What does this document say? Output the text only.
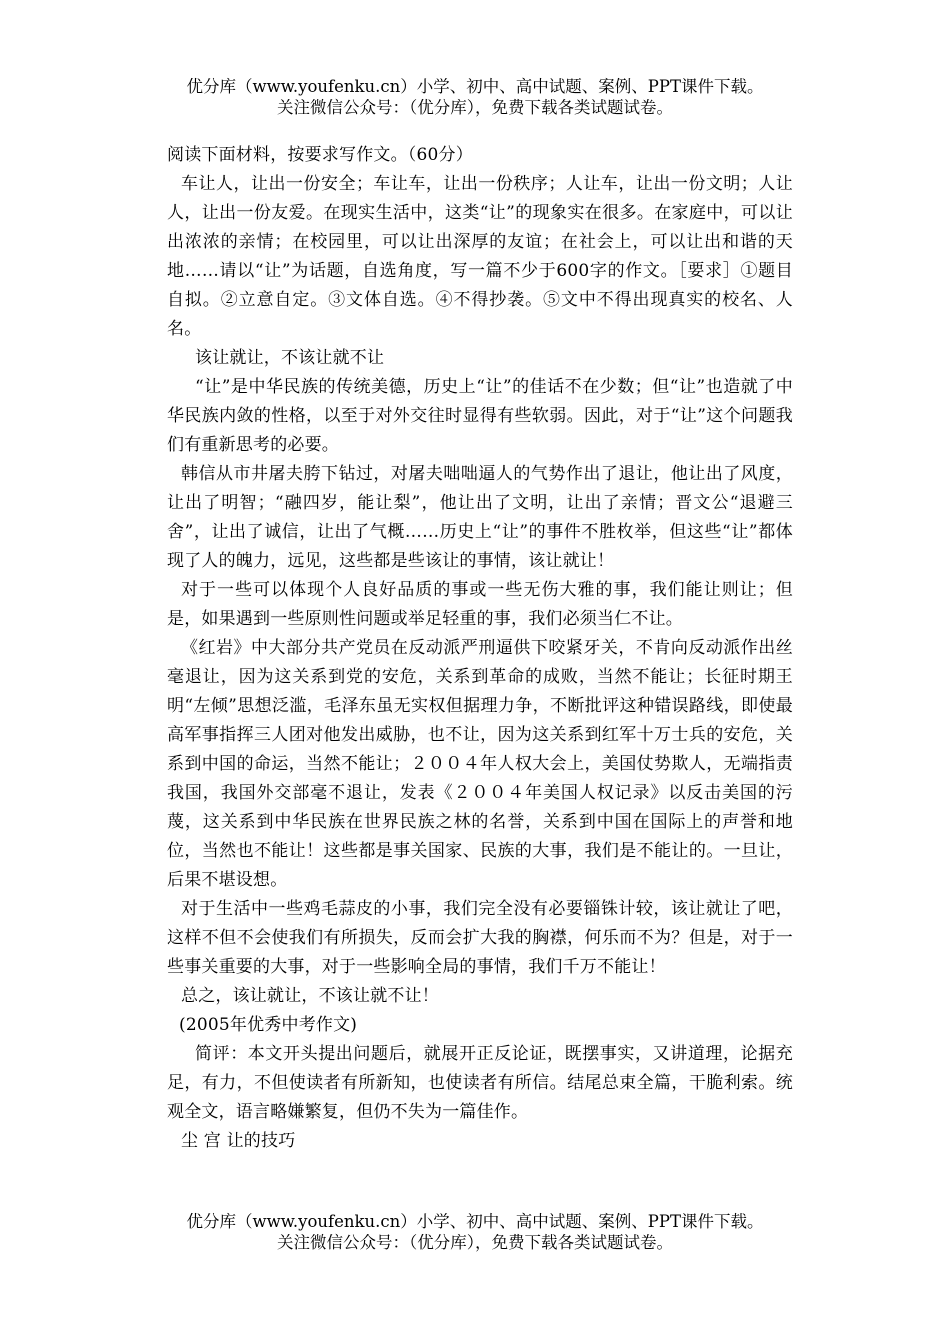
优分库（www.youfenku.cn）小学、初中、高中试题、案例、PPT课件下载。
关注微信公众号：（优分库），免费下载各类试题试卷。

阅读下面材料，按要求写作文。（60分）

车让人，让出一份安全；车让车，让出一份秩序；人让车，让出一份文明；人让人，让出一份友爱。在现实生活中，这类“让”的现象实在很多。在家庭中，可以让出浓浓的亲情；在校园里，可以让出深厚的友谊；在社会上，可以让出和谐的天地……请以“让”为话题，自选角度，写一篇不少于600字的作文。［要求］①题目自拟。②立意自定。③文体自选。④不得抄袭。⑤文中不得出现真实的校名、人名。

该让就让，不该让就不让

“让”是中华民族的传统美德，历史上“让”的佳话不在少数；但“让”也造就了中华民族内敛的性格，以至于对外交往时显得有些软弱。因此，对于“让”这个问题我们有重新思考的必要。

韩信从市井屠夫胯下钻过，对屠夫咄咄逼人的气势作出了退让，他让出了风度，让出了明智；“融四岁，能让梨”，他让出了文明，让出了亲情；晋文公“退避三舍”，让出了诚信，让出了气概……历史上“让”的事件不胜枚举，但这些“让”都体现了人的魄力，远见，这些都是些该让的事情，该让就让！

对于一些可以体现个人良好品质的事或一些无伤大雅的事，我们能让则让；但是，如果遇到一些原则性问题或举足轻重的事，我们必须当仁不让。

《红岩》中大部分共产党员在反动派严刑逼供下咬紧牙关，不肯向反动派作出丝毫退让，因为这关系到党的安危，关系到革命的成败，当然不能让；长征时期王明“左倾”思想泛滥，毛泽东虽无实权但据理力争，不断批评这种错误路线，即使最高军事指挥三人团对他发出威胁，也不让，因为这关系到红军十万士兵的安危，关系到中国的命运，当然不能让；２００４年人权大会上，美国仗势欺人，无端指责我国，我国外交部毫不退让，发表《２００４年美国人权记录》以反击美国的污蔑，这关系到中华民族在世界民族之林的名誉，关系到中国在国际上的声誉和地位，当然也不能让！这些都是事关国家、民族的大事，我们是不能让的。一旦让，后果不堪设想。

对于生活中一些鸡毛蒜皮的小事，我们完全没有必要锱铢计较，该让就让了吧，这样不但不会使我们有所损失，反而会扩大我的胸襟，何乐而不为？但是，对于一些事关重要的大事，对于一些影响全局的事情，我们千万不能让！

总之，该让就让，不该让就不让！

(2005年优秀中考作文)

简评：本文开头提出问题后，就展开正反论证，既摆事实，又讲道理，论据充足，有力，不但使读者有所新知，也使读者有所信。结尾总束全篇，干脆利索。统观全文，语言略嫌繁复，但仍不失为一篇佳作。

尘 宫 让的技巧

优分库（www.youfenku.cn）小学、初中、高中试题、案例、PPT课件下载。
关注微信公众号：（优分库），免费下载各类试题试卷。
